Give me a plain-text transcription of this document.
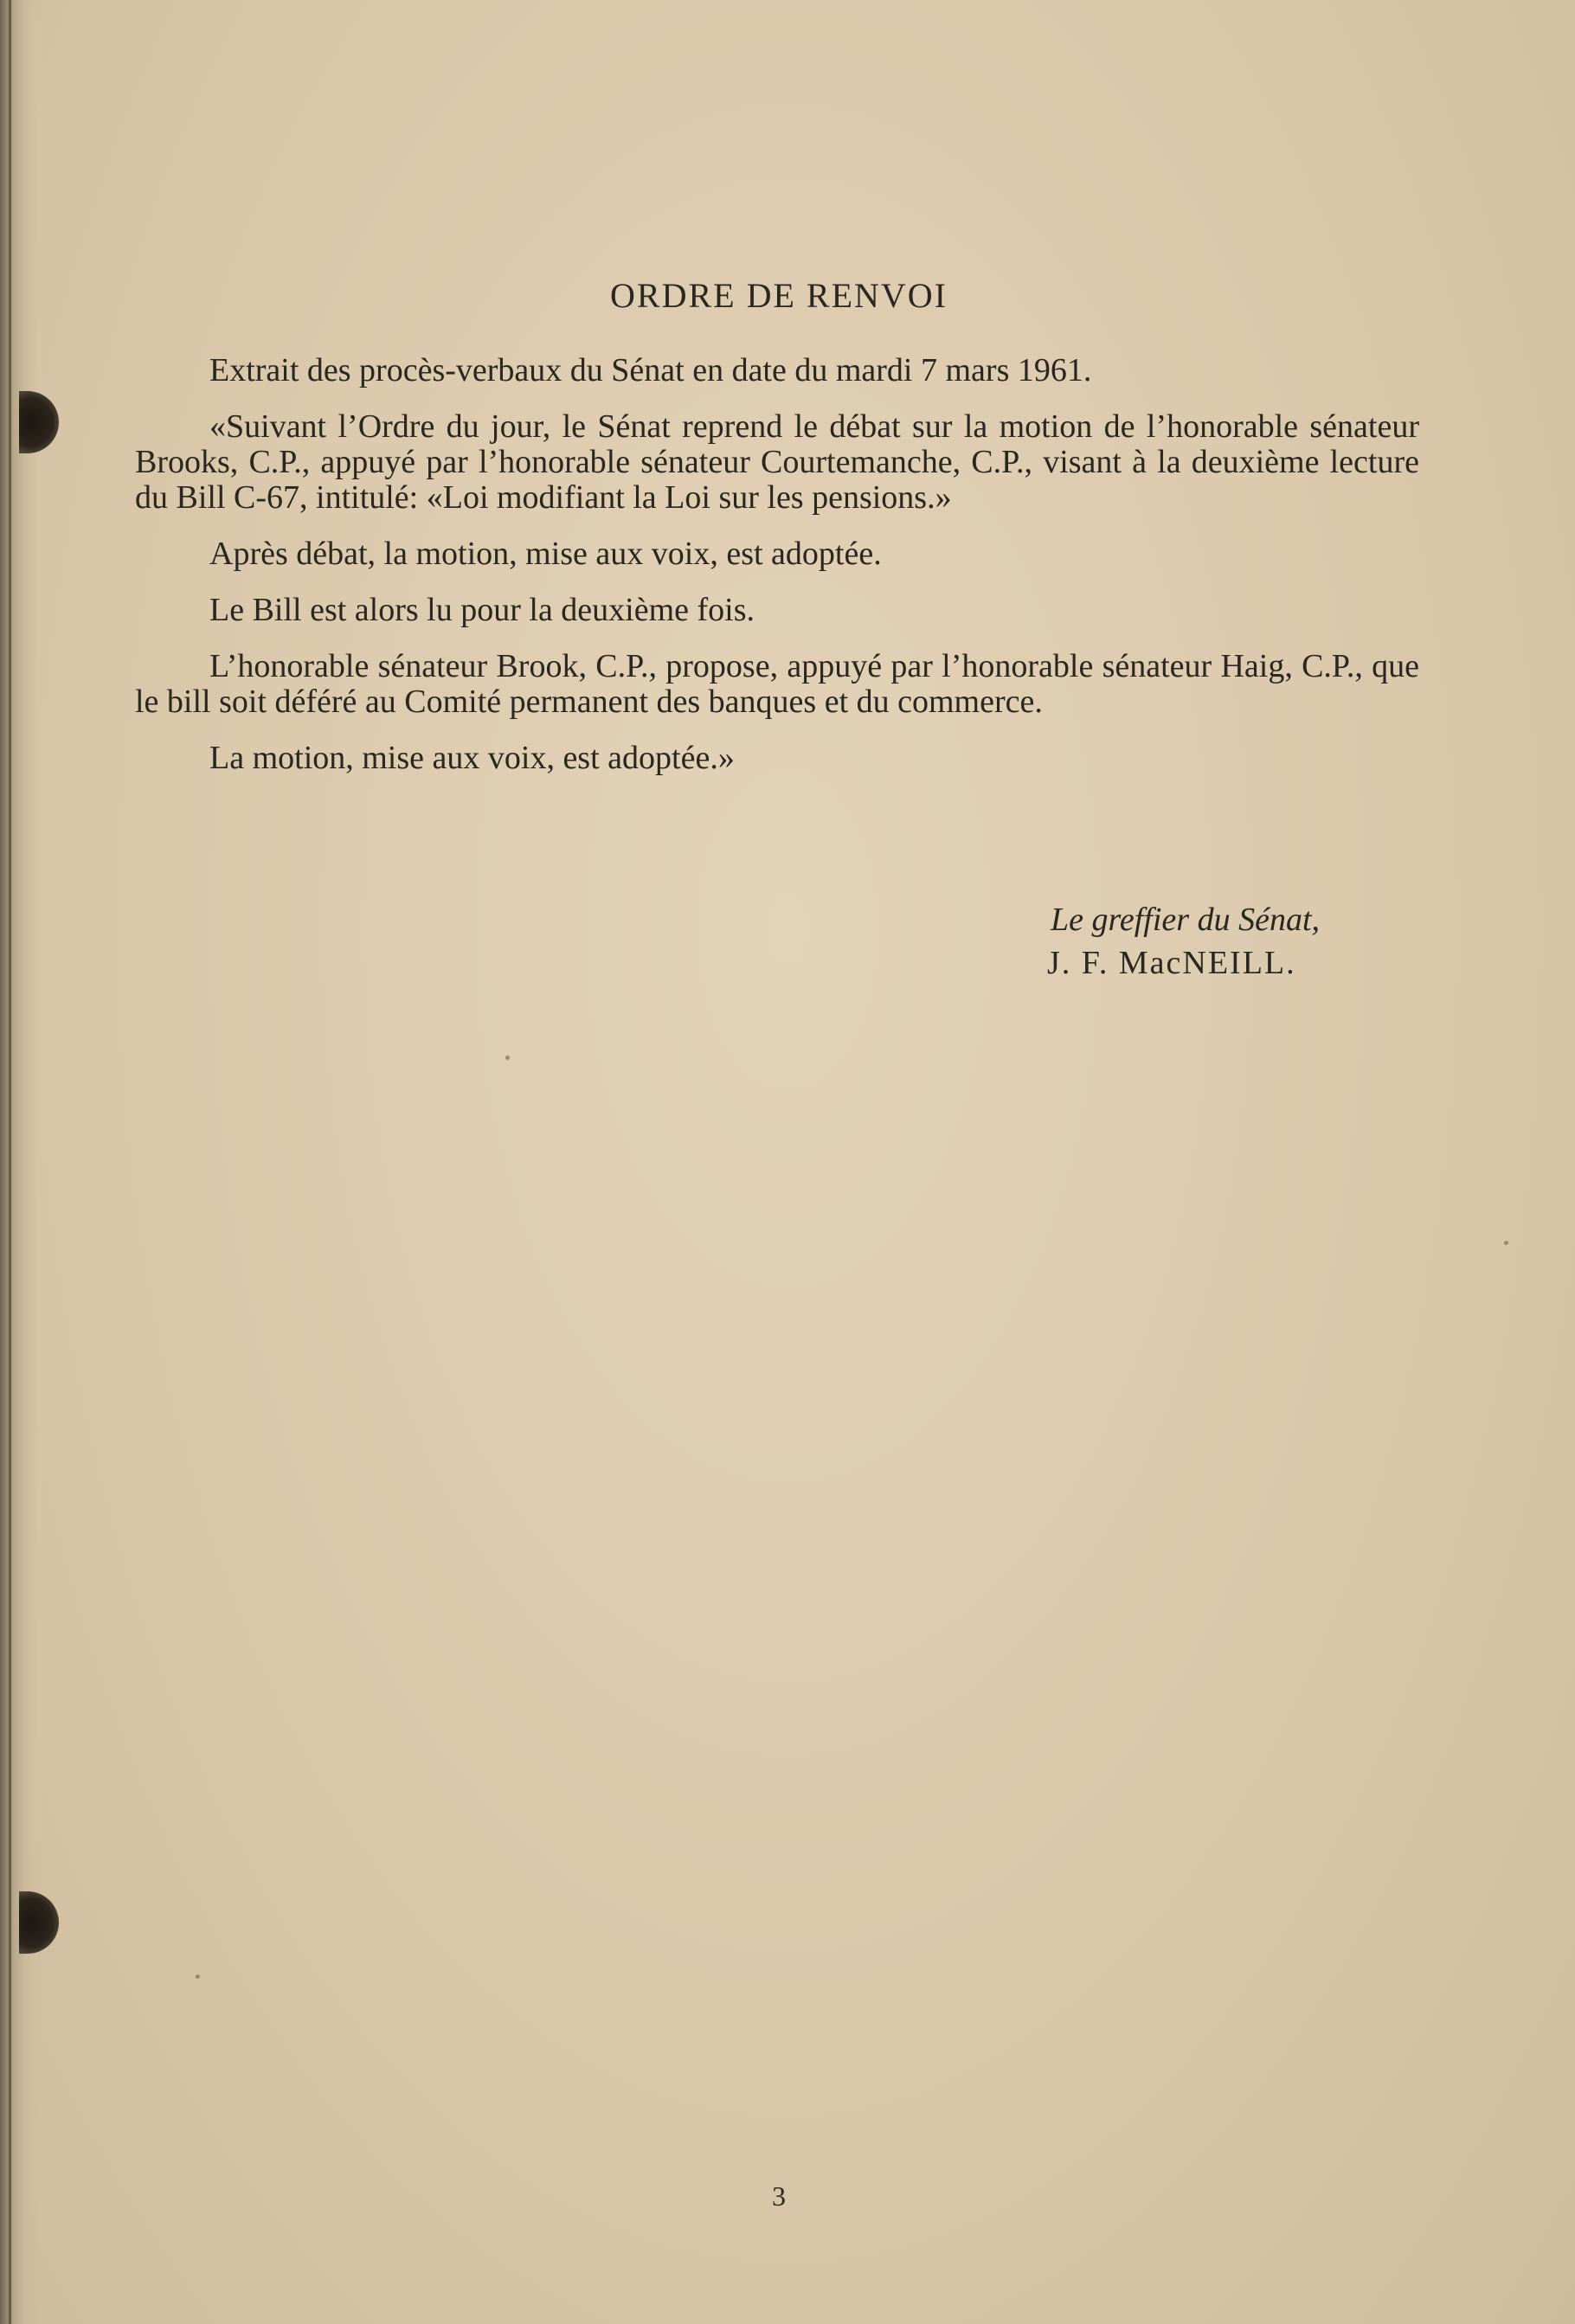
ORDRE DE RENVOI

Extrait des procès-verbaux du Sénat en date du mardi 7 mars 1961.

«Suivant l’Ordre du jour, le Sénat reprend le débat sur la motion de l’honorable sénateur Brooks, C.P., appuyé par l’honorable sénateur Courtemanche, C.P., visant à la deuxième lecture du Bill C-67, intitulé: «Loi modifiant la Loi sur les pensions.»

Après débat, la motion, mise aux voix, est adoptée.

Le Bill est alors lu pour la deuxième fois.

L’honorable sénateur Brook, C.P., propose, appuyé par l’honorable sénateur Haig, C.P., que le bill soit déféré au Comité permanent des banques et du commerce.

La motion, mise aux voix, est adoptée.»

Le greffier du Sénat,
J. F. MacNEILL.
3
